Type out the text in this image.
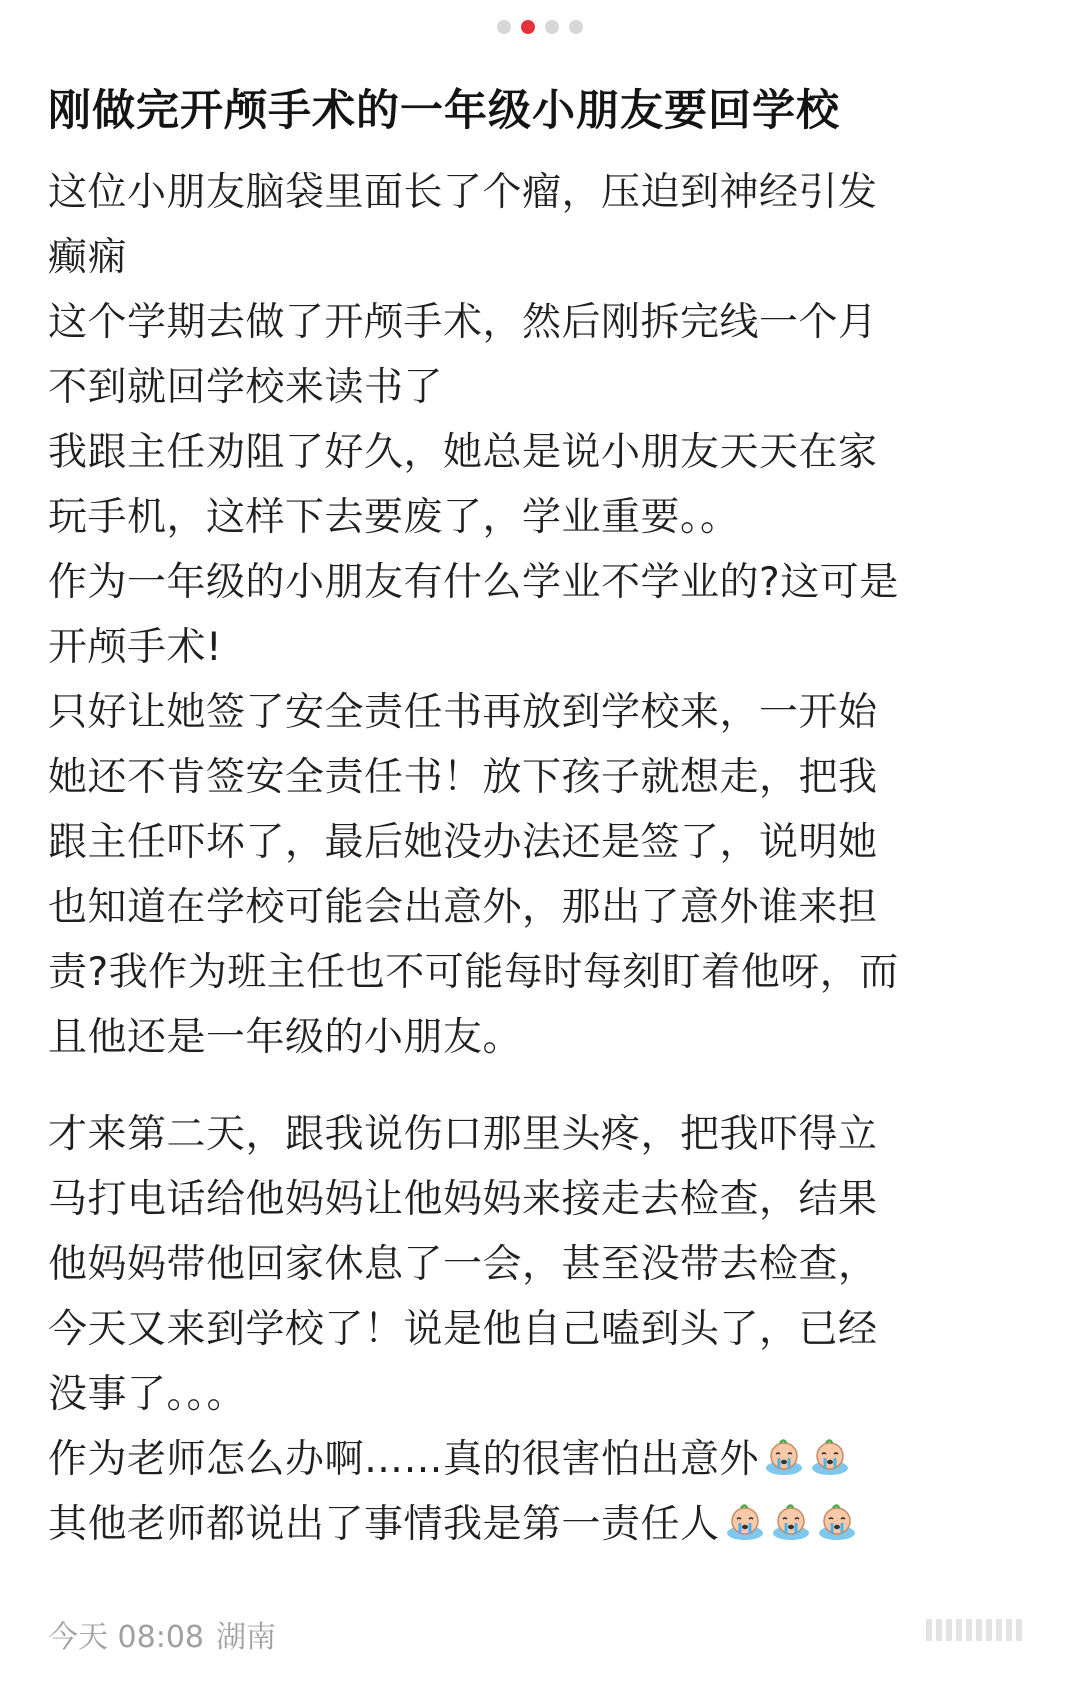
刚做完开颅手术的一年级小朋友要回学校

这位小朋友脑袋里面长了个瘤，压迫到神经引发
癫痫

这个学期去做了开颅手术，然后刚拆完线一个月
不到就回学校来读书了

我跟主任劝阻了好久，她总是说小朋友天天在家
玩手机，这样下去要废了，学业重要。。

作为一年级的小朋友有什么学业不学业的?这可是
开颅手术!

只好让她签了安全责任书再放到学校来，一开始
她还不肯签安全责任书！放下孩子就想走，把我
跟主任吓坏了，最后她没办法还是签了，说明她
也知道在学校可能会出意外，那出了意外谁来担
责?我作为班主任也不可能每时每刻盯着他呀，而
且他还是一年级的小朋友。

才来第二天，跟我说伤口那里头疼，把我吓得立
马打电话给他妈妈让他妈妈来接走去检查，结果
他妈妈带他回家休息了一会，甚至没带去检查，
今天又来到学校了！说是他自己嗑到头了，已经
没事了。。。

作为老师怎么办啊……真的很害怕出意外
其他老师都说出了事情我是第一责任人

今天 08:08 湖南
